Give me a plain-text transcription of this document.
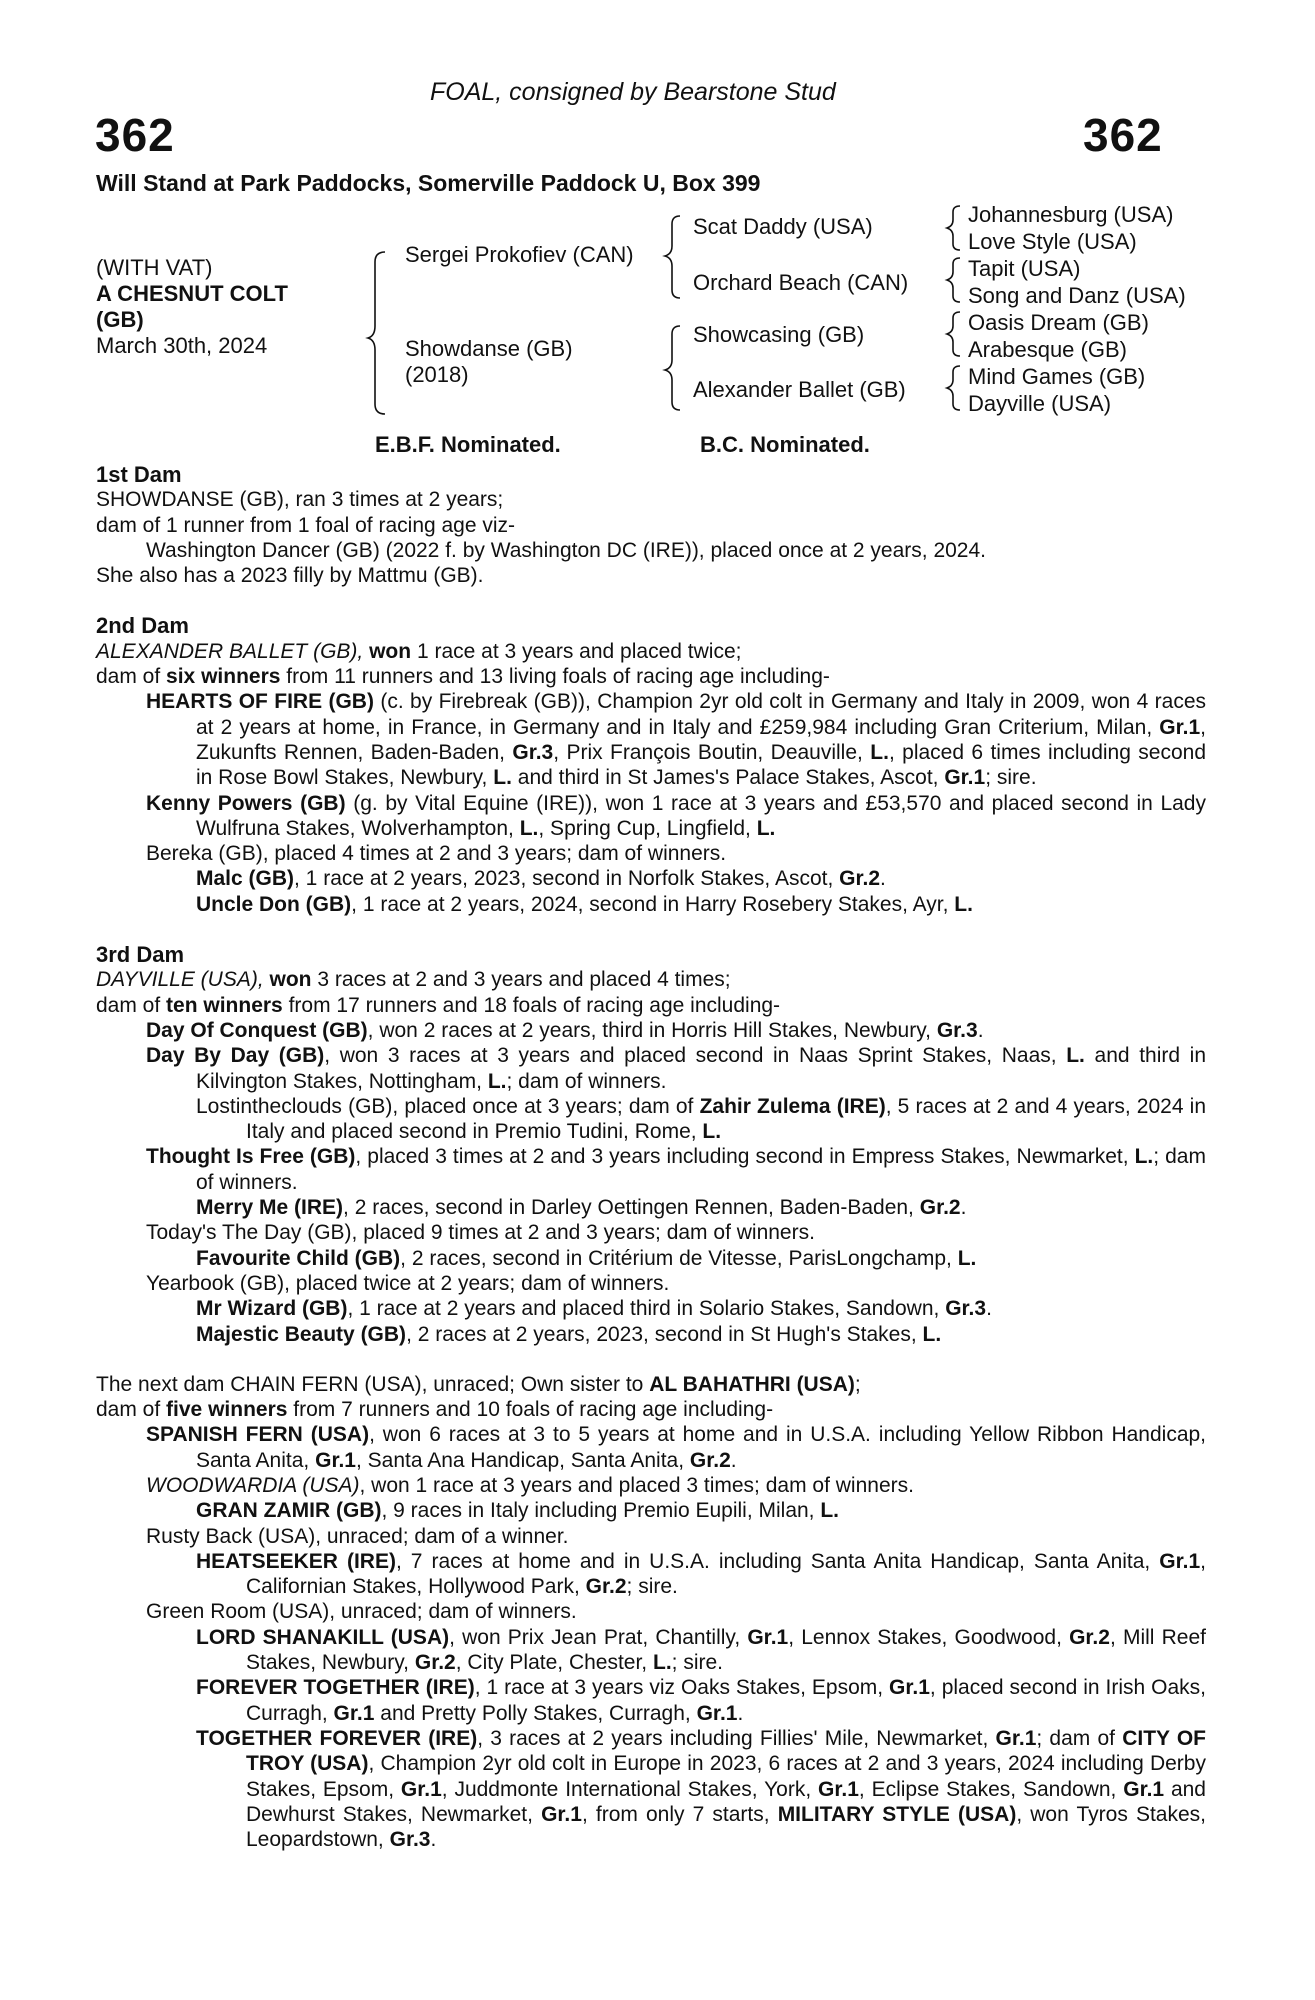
FOAL, consigned by Bearstone Stud
362	362
Will Stand at Park Paddocks, Somerville Paddock U, Box 399
(WITH VAT)
A CHESNUT COLT
(GB)
March 30th, 2024
Sergei Prokofiev (CAN)
Showdanse (GB)
(2018)
Scat Daddy (USA)
Orchard Beach (CAN)
Showcasing (GB)
Alexander Ballet (GB)
Johannesburg (USA)
Love Style (USA)
Tapit (USA)
Song and Danz (USA)
Oasis Dream (GB)
Arabesque (GB)
Mind Games (GB)
Dayville (USA)
E.B.F. Nominated.	B.C. Nominated.

1st Dam

SHOWDANSE (GB), ran 3 times at 2 years;

dam of 1 runner from 1 foal of racing age viz-

Washington Dancer (GB) (2022 f. by Washington DC (IRE)), placed once at 2 years, 2024.

She also has a 2023 filly by Mattmu (GB).

2nd Dam

ALEXANDER BALLET (GB), won 1 race at 3 years and placed twice;

dam of six winners from 11 runners and 13 living foals of racing age including-

HEARTS OF FIRE (GB) (c. by Firebreak (GB)), Champion 2yr old colt in Germany and Italy in 2009, won 4 races at 2 years at home, in France, in Germany and in Italy and £259,984 including Gran Criterium, Milan, Gr.1, Zukunfts Rennen, Baden-Baden, Gr.3, Prix François Boutin, Deauville, L., placed 6 times including second in Rose Bowl Stakes, Newbury, L. and third in St James's Palace Stakes, Ascot, Gr.1; sire.

Kenny Powers (GB) (g. by Vital Equine (IRE)), won 1 race at 3 years and £53,570 and placed second in Lady Wulfruna Stakes, Wolverhampton, L., Spring Cup, Lingfield, L.

Bereka (GB), placed 4 times at 2 and 3 years; dam of winners.

Malc (GB), 1 race at 2 years, 2023, second in Norfolk Stakes, Ascot, Gr.2.

Uncle Don (GB), 1 race at 2 years, 2024, second in Harry Rosebery Stakes, Ayr, L.

3rd Dam

DAYVILLE (USA), won 3 races at 2 and 3 years and placed 4 times;

dam of ten winners from 17 runners and 18 foals of racing age including-

Day Of Conquest (GB), won 2 races at 2 years, third in Horris Hill Stakes, Newbury, Gr.3.

Day By Day (GB), won 3 races at 3 years and placed second in Naas Sprint Stakes, Naas, L. and third in Kilvington Stakes, Nottingham, L.; dam of winners.

Lostintheclouds (GB), placed once at 3 years; dam of Zahir Zulema (IRE), 5 races at 2 and 4 years, 2024 in Italy and placed second in Premio Tudini, Rome, L.

Thought Is Free (GB), placed 3 times at 2 and 3 years including second in Empress Stakes, Newmarket, L.; dam of winners.

Merry Me (IRE), 2 races, second in Darley Oettingen Rennen, Baden-Baden, Gr.2.

Today's The Day (GB), placed 9 times at 2 and 3 years; dam of winners.

Favourite Child (GB), 2 races, second in Critérium de Vitesse, ParisLongchamp, L.

Yearbook (GB), placed twice at 2 years; dam of winners.

Mr Wizard (GB), 1 race at 2 years and placed third in Solario Stakes, Sandown, Gr.3.

Majestic Beauty (GB), 2 races at 2 years, 2023, second in St Hugh's Stakes, L.

The next dam CHAIN FERN (USA), unraced; Own sister to AL BAHATHRI (USA);

dam of five winners from 7 runners and 10 foals of racing age including-

SPANISH FERN (USA), won 6 races at 3 to 5 years at home and in U.S.A. including Yellow Ribbon Handicap, Santa Anita, Gr.1, Santa Ana Handicap, Santa Anita, Gr.2.

WOODWARDIA (USA), won 1 race at 3 years and placed 3 times; dam of winners.

GRAN ZAMIR (GB), 9 races in Italy including Premio Eupili, Milan, L.

Rusty Back (USA), unraced; dam of a winner.

HEATSEEKER (IRE), 7 races at home and in U.S.A. including Santa Anita Handicap, Santa Anita, Gr.1, Californian Stakes, Hollywood Park, Gr.2; sire.

Green Room (USA), unraced; dam of winners.

LORD SHANAKILL (USA), won Prix Jean Prat, Chantilly, Gr.1, Lennox Stakes, Goodwood, Gr.2, Mill Reef Stakes, Newbury, Gr.2, City Plate, Chester, L.; sire.

FOREVER TOGETHER (IRE), 1 race at 3 years viz Oaks Stakes, Epsom, Gr.1, placed second in Irish Oaks, Curragh, Gr.1 and Pretty Polly Stakes, Curragh, Gr.1.

TOGETHER FOREVER (IRE), 3 races at 2 years including Fillies' Mile, Newmarket, Gr.1; dam of CITY OF TROY (USA), Champion 2yr old colt in Europe in 2023, 6 races at 2 and 3 years, 2024 including Derby Stakes, Epsom, Gr.1, Juddmonte International Stakes, York, Gr.1, Eclipse Stakes, Sandown, Gr.1 and Dewhurst Stakes, Newmarket, Gr.1, from only 7 starts, MILITARY STYLE (USA), won Tyros Stakes, Leopardstown, Gr.3.
